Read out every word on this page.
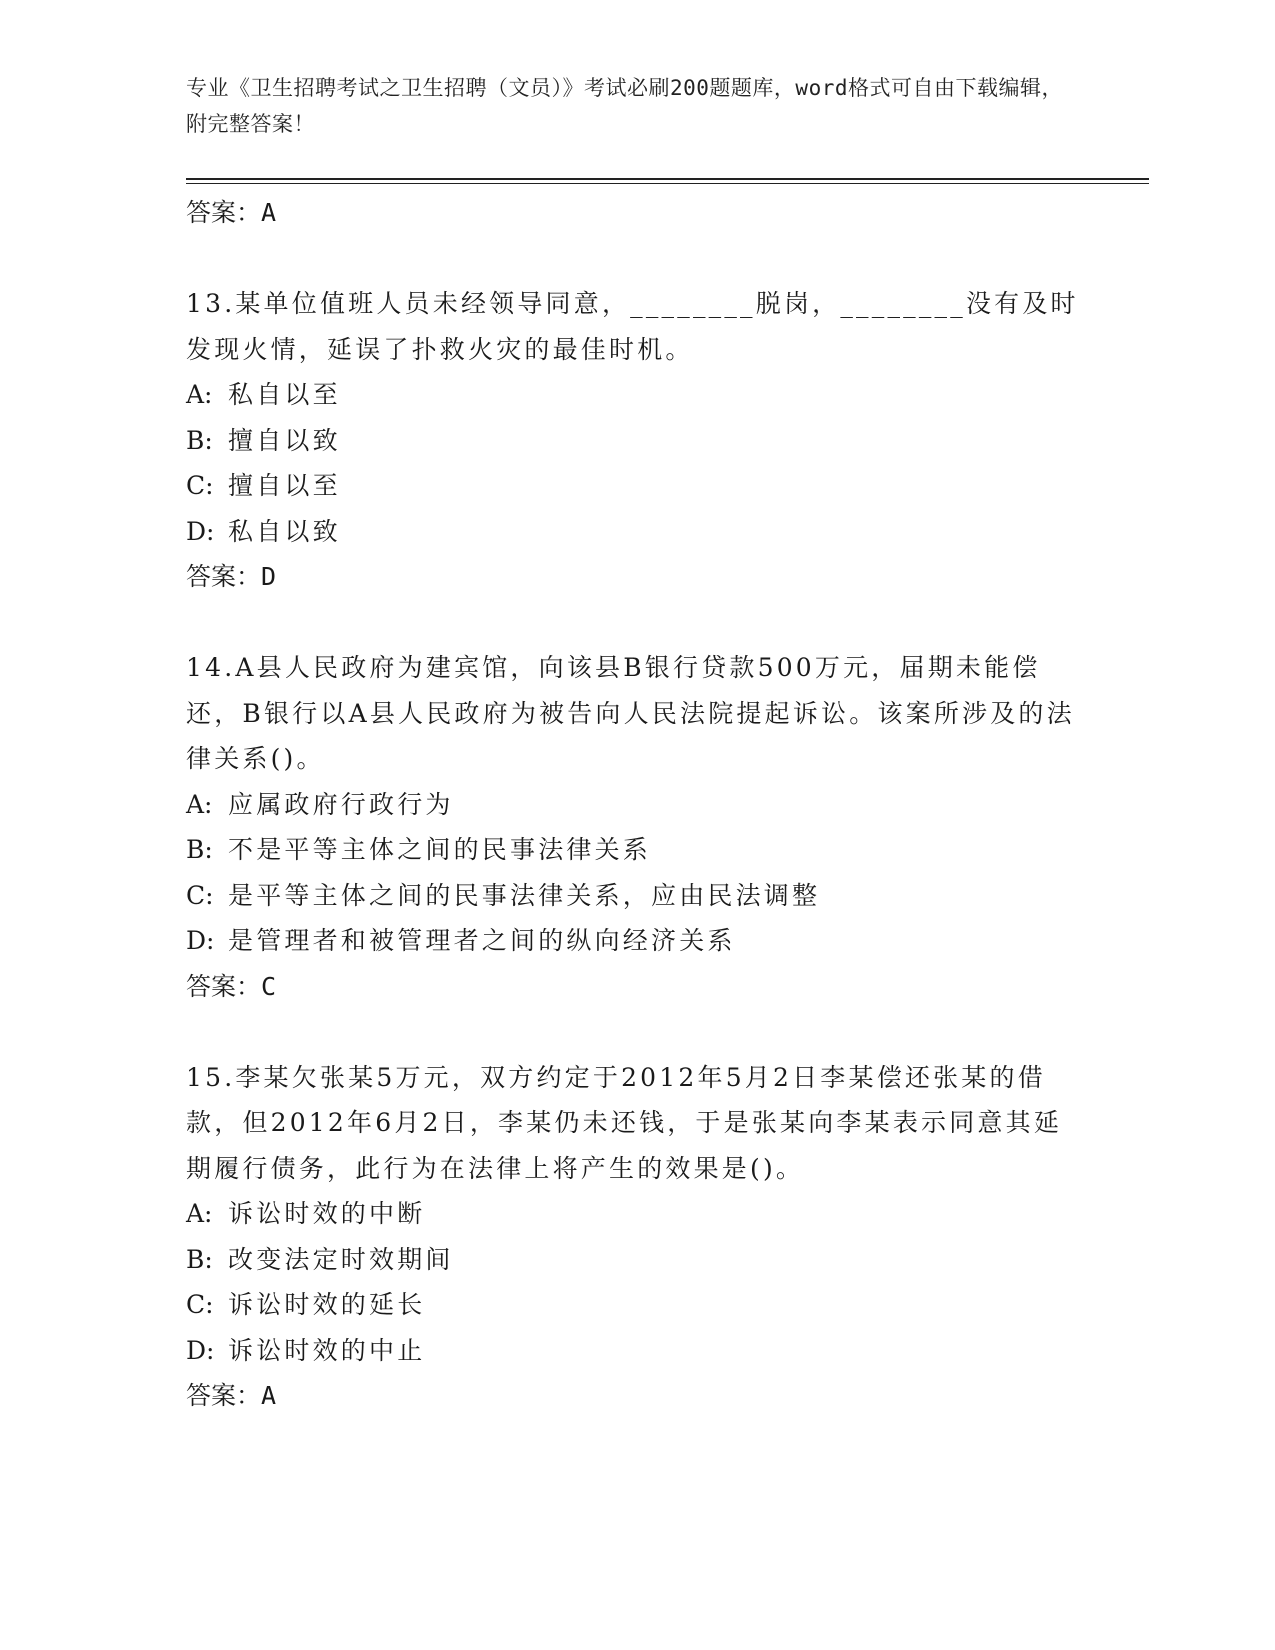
专业《卫生招聘考试之卫生招聘（文员）》考试必刷200题题库，word格式可自由下载编辑，附完整答案！

答案：A

13.某单位值班人员未经领导同意，________脱岗，________没有及时发现火情，延误了扑救火灾的最佳时机。

A: 私自以至

B: 擅自以致

C: 擅自以至

D: 私自以致

答案：D

14.A县人民政府为建宾馆，向该县B银行贷款500万元，届期未能偿还，B银行以A县人民政府为被告向人民法院提起诉讼。该案所涉及的法律关系()。

A: 应属政府行政行为

B: 不是平等主体之间的民事法律关系

C: 是平等主体之间的民事法律关系，应由民法调整

D: 是管理者和被管理者之间的纵向经济关系

答案：C

15.李某欠张某5万元，双方约定于2012年5月2日李某偿还张某的借款，但2012年6月2日，李某仍未还钱，于是张某向李某表示同意其延期履行债务，此行为在法律上将产生的效果是()。

A: 诉讼时效的中断

B: 改变法定时效期间

C: 诉讼时效的延长

D: 诉讼时效的中止

答案：A
